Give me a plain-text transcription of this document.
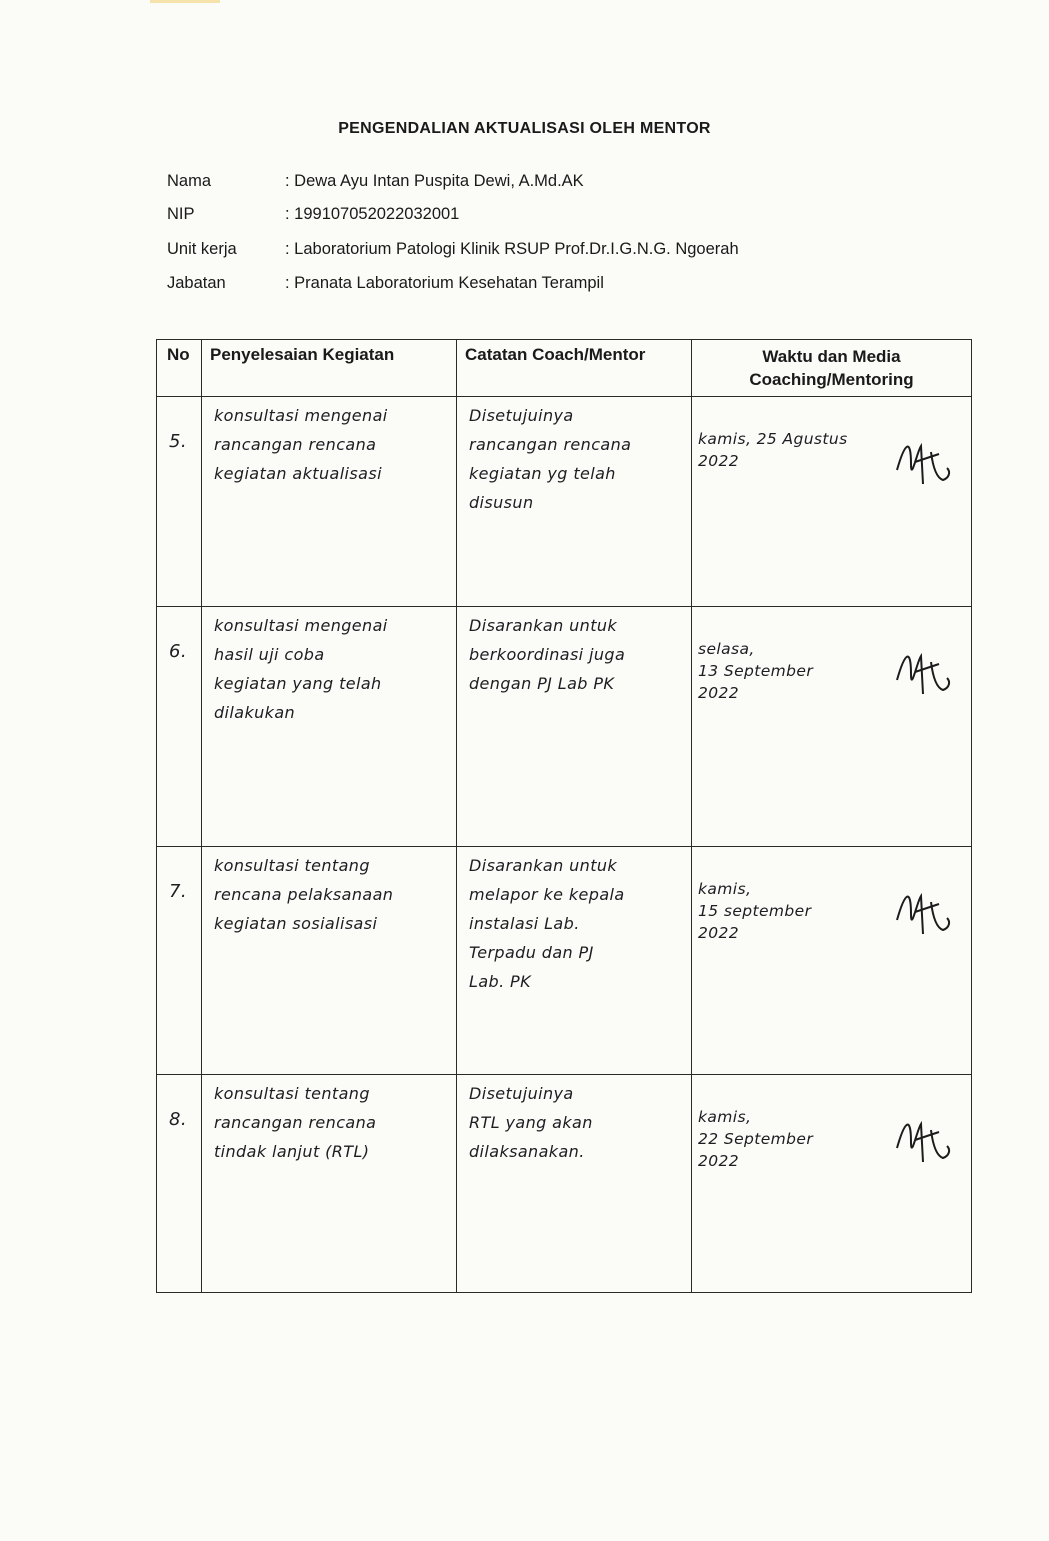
PENGENDALIAN AKTUALISASI OLEH MENTOR
Nama	: Dewa Ayu Intan Puspita Dewi, A.Md.AK
NIP	: 199107052022032001
Unit kerja	: Laboratorium Patologi Klinik RSUP Prof.Dr.I.G.N.G. Ngoerah
Jabatan	: Pranata Laboratorium Kesehatan Terampil
No	Penyelesaian Kegiatan	Catatan Coach/Mentor	Waktu dan Media
Coaching/Mentoring

5.	konsultasi mengenai
rancangan rencana
kegiatan aktualisasi	Disetujuinya
rancangan rencana
kegiatan yg telah
disusun	kamis, 25 Agustus
2022

6.	konsultasi mengenai
hasil uji coba
kegiatan yang telah
dilakukan	Disarankan untuk
berkoordinasi juga
dengan PJ Lab PK	selasa,
13 September
2022

7.	konsultasi tentang
rencana pelaksanaan
kegiatan sosialisasi	Disarankan untuk
melapor ke kepala
instalasi Lab.
Terpadu dan PJ
Lab. PK	kamis,
15 september
2022

8.	konsultasi tentang
rancangan rencana
tindak lanjut (RTL)	Disetujuinya
RTL yang akan
dilaksanakan.	kamis,
22 September
2022
